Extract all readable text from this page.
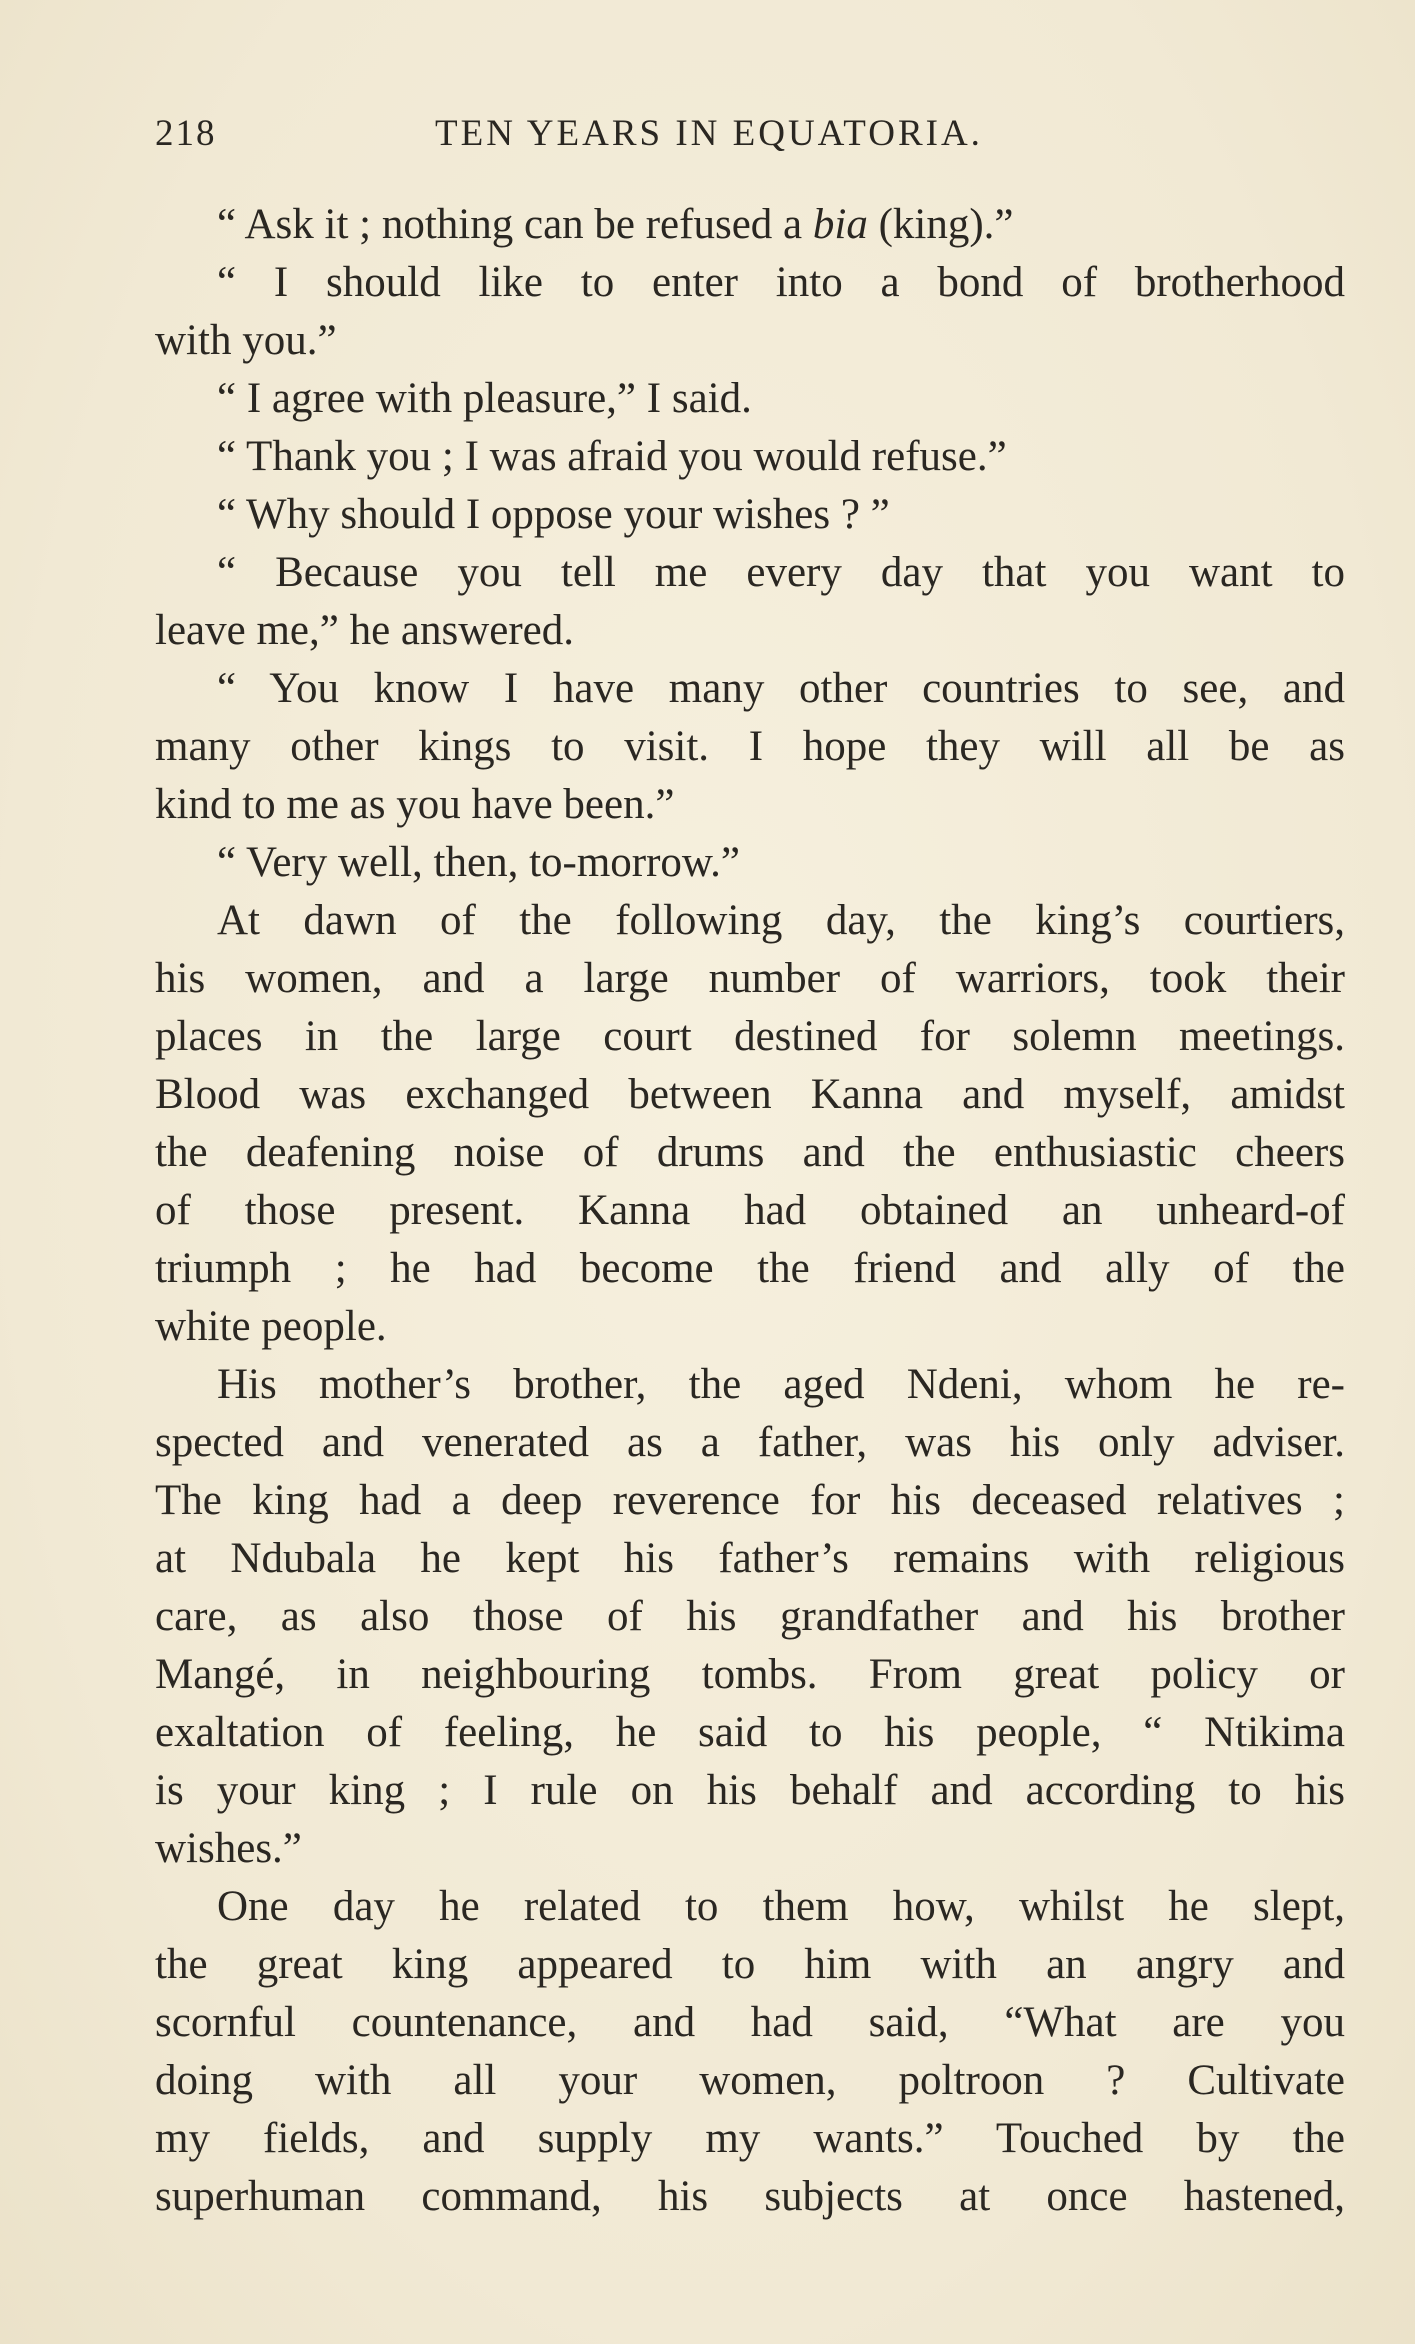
218	TEN YEARS IN EQUATORIA.
“ Ask it ; nothing can be refused a bia (king).”
“ I should like to enter into a bond of brotherhood
with you.”
“ I agree with pleasure,” I said.
“ Thank you ; I was afraid you would refuse.”
“ Why should I oppose your wishes ? ”
“ Because you tell me every day that you want to
leave me,” he answered.
“ You know I have many other countries to see, and
many other kings to visit. I hope they will all be as
kind to me as you have been.”
“ Very well, then, to-morrow.”
At dawn of the following day, the king’s courtiers,
his women, and a large number of warriors, took their
places in the large court destined for solemn meetings.
Blood was exchanged between Kanna and myself, amidst
the deafening noise of drums and the enthusiastic cheers
of those present. Kanna had obtained an unheard-of
triumph ; he had become the friend and ally of the
white people.
His mother’s brother, the aged Ndeni, whom he re-
spected and venerated as a father, was his only adviser.
The king had a deep reverence for his deceased relatives ;
at Ndubala he kept his father’s remains with religious
care, as also those of his grandfather and his brother
Mangé, in neighbouring tombs. From great policy or
exaltation of feeling, he said to his people, “ Ntikima
is your king ; I rule on his behalf and according to his
wishes.”
One day he related to them how, whilst he slept,
the great king appeared to him with an angry and
scornful countenance, and had said, “What are you
doing with all your women, poltroon ? Cultivate
my fields, and supply my wants.” Touched by the
superhuman command, his subjects at once hastened,
